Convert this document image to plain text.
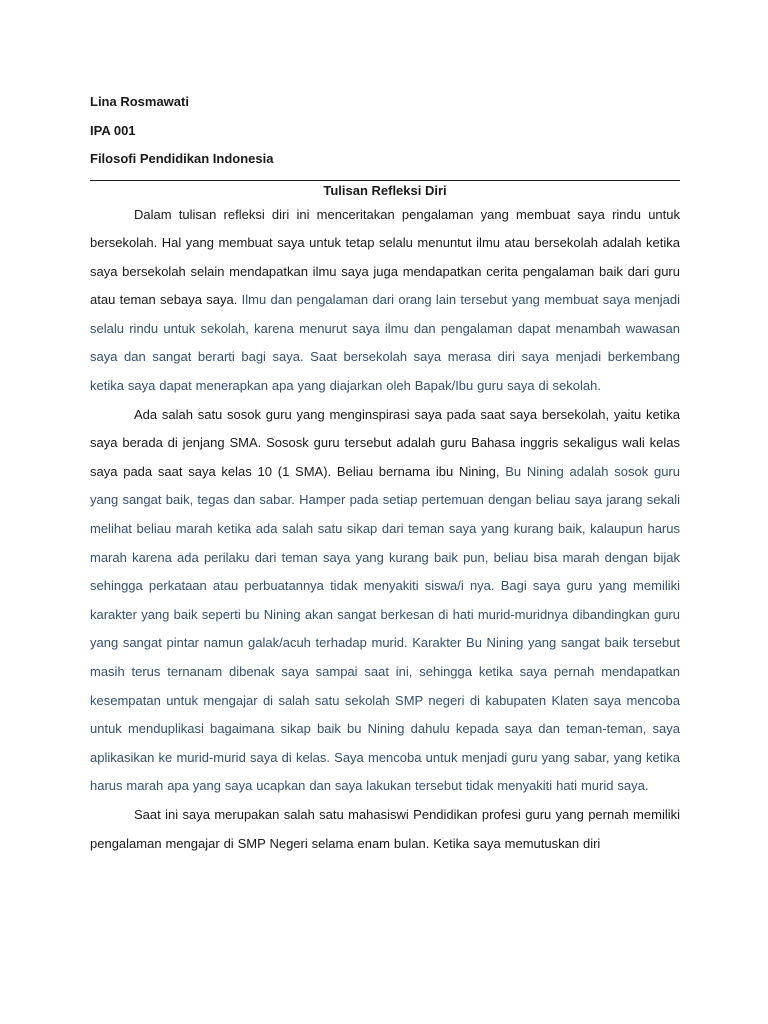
Lina Rosmawati

IPA 001

Filosofi Pendidikan Indonesia

Tulisan Refleksi Diri

Dalam tulisan refleksi diri ini menceritakan pengalaman yang membuat saya rindu untuk bersekolah. Hal yang membuat saya untuk tetap selalu menuntut ilmu atau bersekolah adalah ketika saya bersekolah selain mendapatkan ilmu saya juga mendapatkan cerita pengalaman baik dari guru atau teman sebaya saya. Ilmu dan pengalaman dari orang lain tersebut yang membuat saya menjadi selalu rindu untuk sekolah, karena menurut saya ilmu dan pengalaman dapat menambah wawasan saya dan sangat berarti bagi saya. Saat bersekolah saya merasa diri saya menjadi berkembang ketika saya dapat menerapkan apa yang diajarkan oleh Bapak/Ibu guru saya di sekolah.

Ada salah satu sosok guru yang menginspirasi saya pada saat saya bersekolah, yaitu ketika saya berada di jenjang SMA. Sososk guru tersebut adalah guru Bahasa inggris sekaligus wali kelas saya pada saat saya kelas 10 (1 SMA). Beliau bernama ibu Nining, Bu Nining adalah sosok guru yang sangat baik, tegas dan sabar. Hamper pada setiap pertemuan dengan beliau saya jarang sekali melihat beliau marah ketika ada salah satu sikap dari teman saya yang kurang baik, kalaupun harus marah karena ada perilaku dari teman saya yang kurang baik pun, beliau bisa marah dengan bijak sehingga perkataan atau perbuatannya tidak menyakiti siswa/i nya. Bagi saya guru yang memiliki karakter yang baik seperti bu Nining akan sangat berkesan di hati murid-muridnya dibandingkan guru yang sangat pintar namun galak/acuh terhadap murid. Karakter Bu Nining yang sangat baik tersebut masih terus ternanam dibenak saya sampai saat ini, sehingga ketika saya pernah mendapatkan kesempatan untuk mengajar di salah satu sekolah SMP negeri di kabupaten Klaten saya mencoba untuk menduplikasi bagaimana sikap baik bu Nining dahulu kepada saya dan teman-teman, saya aplikasikan ke murid-murid saya di kelas. Saya mencoba untuk menjadi guru yang sabar, yang ketika harus marah apa yang saya ucapkan dan saya lakukan tersebut tidak menyakiti hati murid saya.

Saat ini saya merupakan salah satu mahasiswi Pendidikan profesi guru yang pernah memiliki pengalaman mengajar di SMP Negeri selama enam bulan. Ketika saya memutuskan diri
